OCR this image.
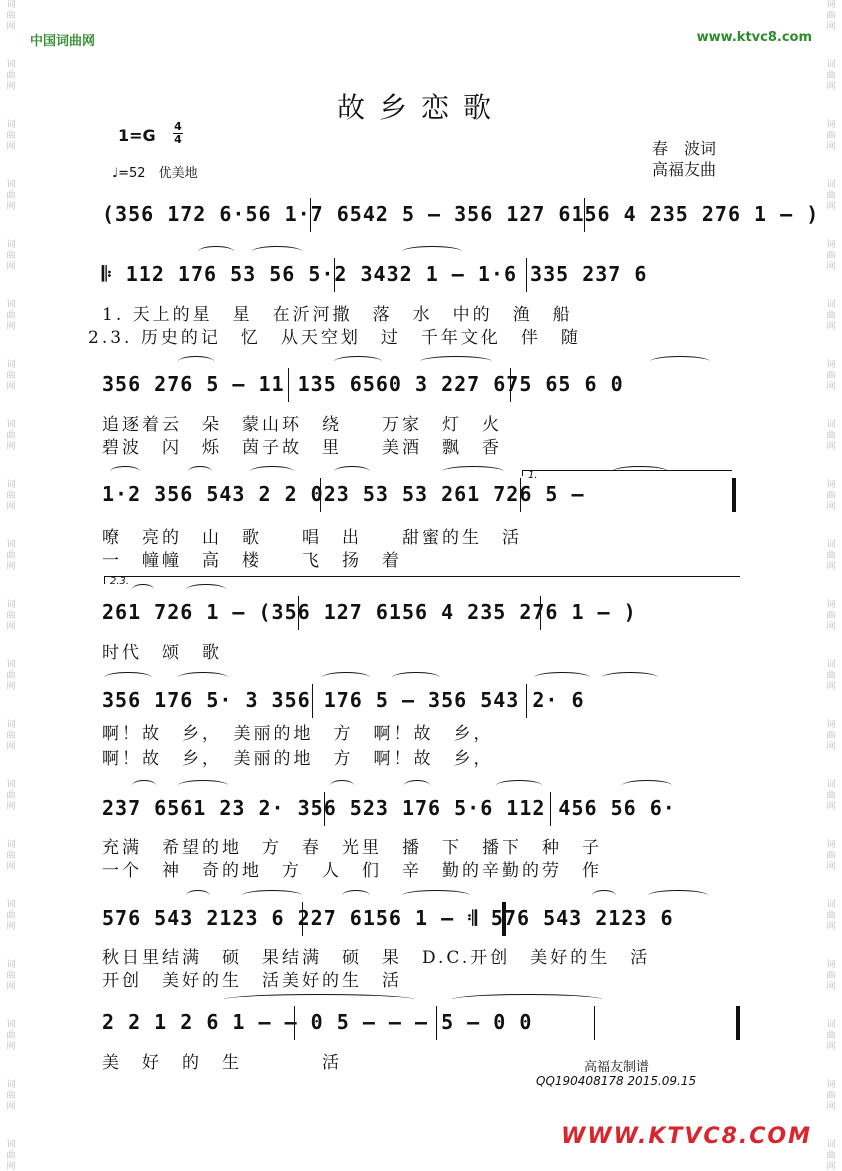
词
曲
网
词
曲
网
词
曲
网
词
曲
网
词
曲
网
词
曲
网
词
曲
网
词
曲
网
词
曲
网
词
曲
网
词
曲
网
词
曲
网
词
曲
网
词
曲
网
词
曲
网
词
曲
网
词
曲
网
词
曲
网
词
曲
网
词
曲
网
词
曲
网
词
曲
网
词
曲
网
词
曲
网
词
曲
网
词
曲
网
词
曲
网
词
曲
网
词
曲
网
词
曲
网
词
曲
网
词
曲
网
词
曲
网
词
曲
网
词
曲
网
词
曲
网
词
曲
网
词
曲
网
词
曲
网
词
曲
网
中国词曲网	www.ktvc8.com
故乡恋歌
1=G 4
4
♩=52　优美地
春　波词
高福友曲
(356 172 6·56 1·7 6542 5 – 356 127 6156 4 235 276 1 – )
𝄆 112 176 53 56 5·2 3432 1 – 1·6 335 237 6
1. 天上的星　星　在沂河撒　落　水　中的　渔　船
2.3. 历史的记　忆　从天空划　过　千年文化　伴　随
356 276 5 – 11 135 6560 3 227 675 65 6 0
追逐着云　朵　蒙山环　绕　　万家　灯　火
碧波　闪　烁　茵子故　里　　美酒　飘　香
1·2 356 543 2 2 023 53 53 261 726 5 –
1.
嘹　亮的　山　歌　　唱　出　　甜蜜的生　活
一　幢幢　高　楼　　飞　扬　着
2.3.
261 726 1 – (356 127 6156 4 235 276 1 – )
时代　颂　歌
356 176 5· 3 356 176 5 – 356 543 2· 6
啊！故　乡，　美丽的地　方　啊！故　乡，
啊！故　乡，　美丽的地　方　啊！故　乡，
237 6561 23 2· 356 523 176 5·6 112 456 56 6·
充满　希望的地　方　春　光里　播　下　播下　种　子
一个　神　奇的地　方　人　们　辛　勤的辛勤的劳　作
576 543 2123 6 227 6156 1 – 𝄇 576 543 2123 6
秋日里结满　硕　果结满　硕　果　D.C.开创　美好的生　活
开创　美好的生　活美好的生　活
2 2 1 2 6 1 – – 0 5 – – – 5 – 0 0
美　好　的　生　　　　活	高福友制谱
QQ190408178 2015.09.15
WWW.KTVC8.COM
